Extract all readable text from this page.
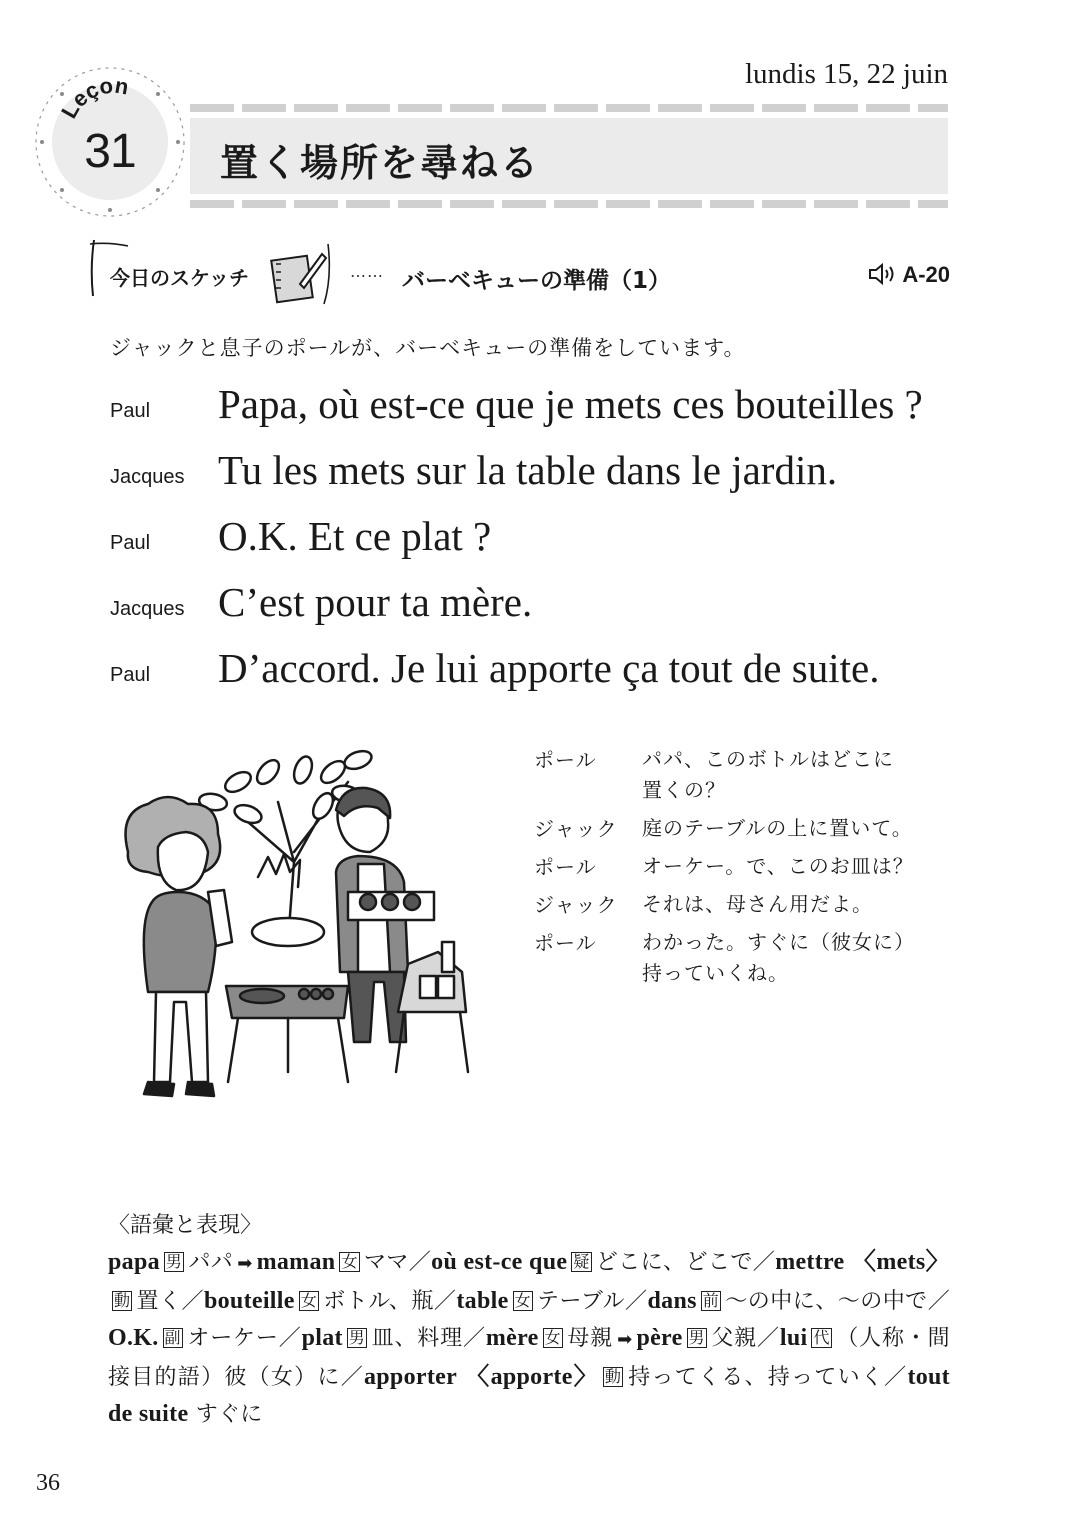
lundis 15, 22 juin
Leçon
31	置く場所を尋ねる
今日のスケッチ	…… バーベキューの準備（1）	A-20
ジャックと息子のポールが、バーベキューの準備をしています。
Paul Papa, où est-ce que je mets ces bouteilles ?
Jacques Tu les mets sur la table dans le jardin.
Paul O.K. Et ce plat ?
Jacques C’est pour ta mère.
Paul D’accord. Je lui apporte ça tout de suite.
ポール パパ、このボトルはどこに
置くの？
ジャック 庭のテーブルの上に置いて。
ポール オーケー。で、このお皿は？
ジャック それは、母さん用だよ。
ポール わかった。すぐに（彼女に）
持っていくね。
〈語彙と表現〉
papa 男 パパ ➡ maman 女 ママ／où est-ce que 疑 どこに、どこで／mettre 〈mets〉動 置く／bouteille 女 ボトル、瓶／table 女 テーブル／dans 前 〜の中に、〜の中で／O.K. 副 オーケー／plat 男 皿、料理／mère 女 母親 ➡ père 男 父親／lui 代 （人称・間接目的語）彼（女）に／apporter 〈apporte〉 動 持ってくる、持っていく／tout de suite すぐに
36
